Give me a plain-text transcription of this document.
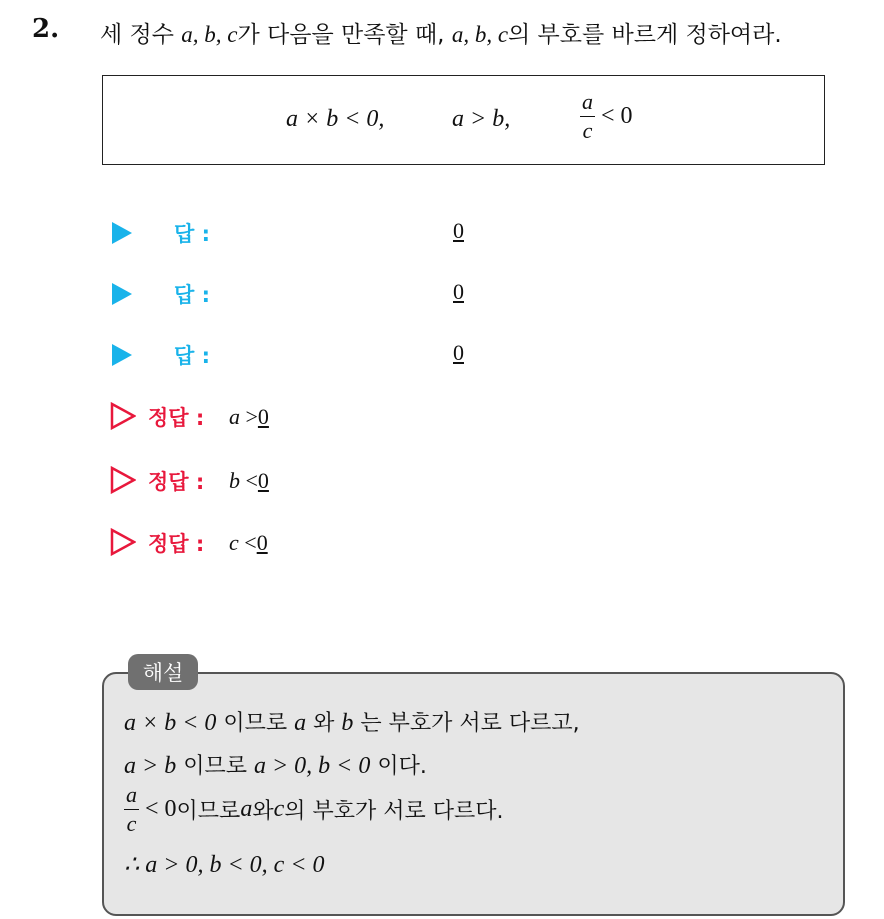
2. 세 정수 a, b, c가 다음을 만족할 때, a, b, c의 부호를 바르게 정하여라.
a × b < 0,	a > b,	$\frac{a}{c} < 0$
답 :	0
답 :	0
답 :	0
정답 : a >0
정답 : b <0
정답 : c <0
해설
a × b < 0 이므로 a 와 b 는 부호가 서로 다르고,
a > b 이므로 a > 0, b < 0 이다.
$\frac{a}{c} < 0$ 이므로 a 와 c 의 부호가 서로 다르다.
∴ a > 0, b < 0, c < 0
